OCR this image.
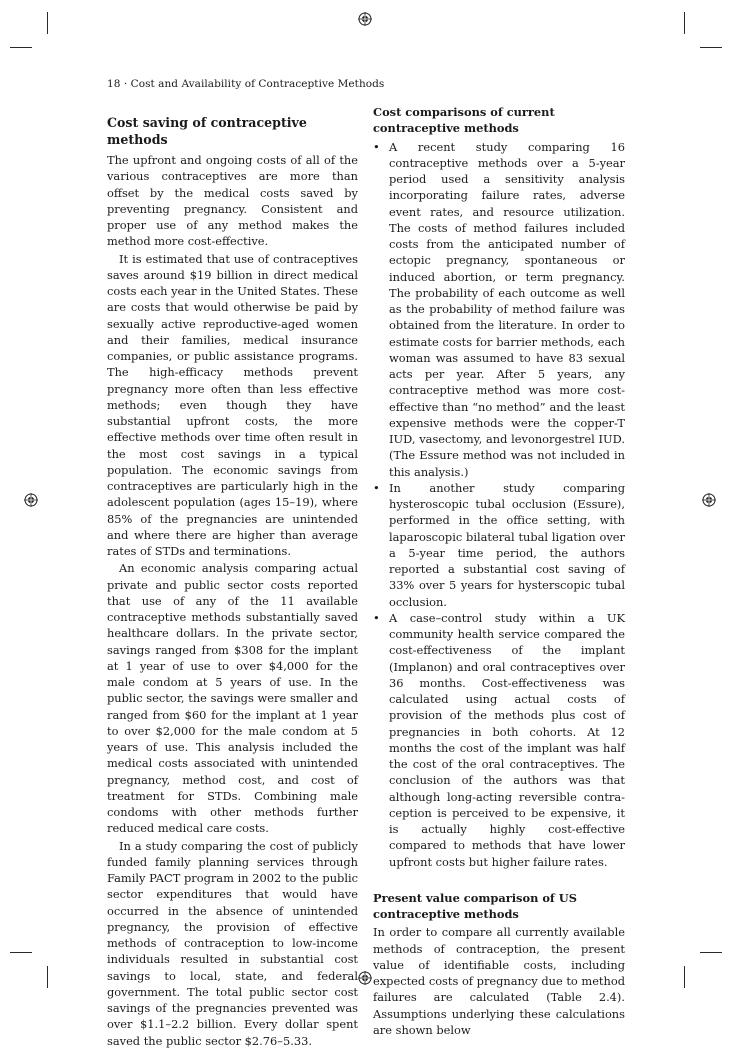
18 · Cost and Availability of Contraceptive Methods
Cost saving of contraceptive methods

The upfront and ongoing costs of all of the various contraceptives are more than offset by the medical costs saved by preventing pregnancy. Consistent and proper use of any method makes the method more cost-effective.

It is estimated that use of contraceptives saves around $19 billion in direct medical costs each year in the United States. These are costs that would otherwise be paid by sexually active reproductive-aged women and their families, medical insurance companies, or public assistance programs. The high-efficacy methods prevent pregnancy more often than less effective methods; even though they have substantial upfront costs, the more effective methods over time often result in the most cost savings in a typical population. The economic savings from contraceptives are particularly high in the adolescent population (ages 15–19), where 85% of the pregnancies are unintended and where there are higher than average rates of STDs and terminations.

An economic analysis comparing actual private and public sector costs reported that use of any of the 11 available contraceptive methods substantially saved healthcare dollars. In the private sector, savings ranged from $308 for the implant at 1 year of use to over $4,000 for the male condom at 5 years of use. In the public sector, the savings were smaller and ranged from $60 for the implant at 1 year to over $2,000 for the male condom at 5 years of use. This analysis included the medical costs associated with unintended pregnancy, method cost, and cost of treatment for STDs. Combining male condoms with other methods further reduced medical care costs.

In a study comparing the cost of publicly funded family planning services through Family PACT program in 2002 to the public sector expenditures that would have occurred in the absence of unintended pregnancy, the provision of effective methods of contraception to low-income individuals resulted in substantial cost savings to local, state, and federal government. The total public sector cost savings of the pregnancies prevented was over $1.1–2.2 billion. Every dollar spent saved the public sector $2.76–5.33.

Cost comparisons of current contraceptive methods
• A recent study comparing 16 contraceptive methods over a 5-year period used a sensitivity analysis incorporating failure rates, adverse event rates, and resource utilization. The costs of method failures included costs from the anticipated number of ectopic pregnancy, spontaneous or induced abortion, or term pregnancy. The probability of each outcome as well as the probability of method failure was obtained from the literature. In order to estimate costs for barrier methods, each woman was assumed to have 83 sexual acts per year. After 5 years, any contraceptive method was more cost-effective than “no method” and the least expensive methods were the copper-T IUD, vasectomy, and levonorgestrel IUD. (The Essure method was not included in this analysis.)
• In another study comparing hysteroscopic tubal occlusion (Essure), performed in the office setting, with laparoscopic bilateral tubal ligation over a 5-year time period, the authors reported a substantial cost saving of 33% over 5 years for hysterscopic tubal occlusion.
• A case–control study within a UK community health service compared the cost-effectiveness of the implant (Implanon) and oral contraceptives over 36 months. Cost-effectiveness was calculated using actual costs of provision of the methods plus cost of pregnancies in both cohorts. At 12 months the cost of the implant was half the cost of the oral contraceptives. The conclusion of the authors was that although long-acting reversible contraception is perceived to be expensive, it is actually highly cost-effective compared to methods that have lower upfront costs but higher failure rates.
Present value comparison of US contraceptive methods

In order to compare all currently available methods of contraception, the present value of identifiable costs, including expected costs of pregnancy due to method failures are calculated (Table 2.4). Assumptions underlying these calculations are shown below
